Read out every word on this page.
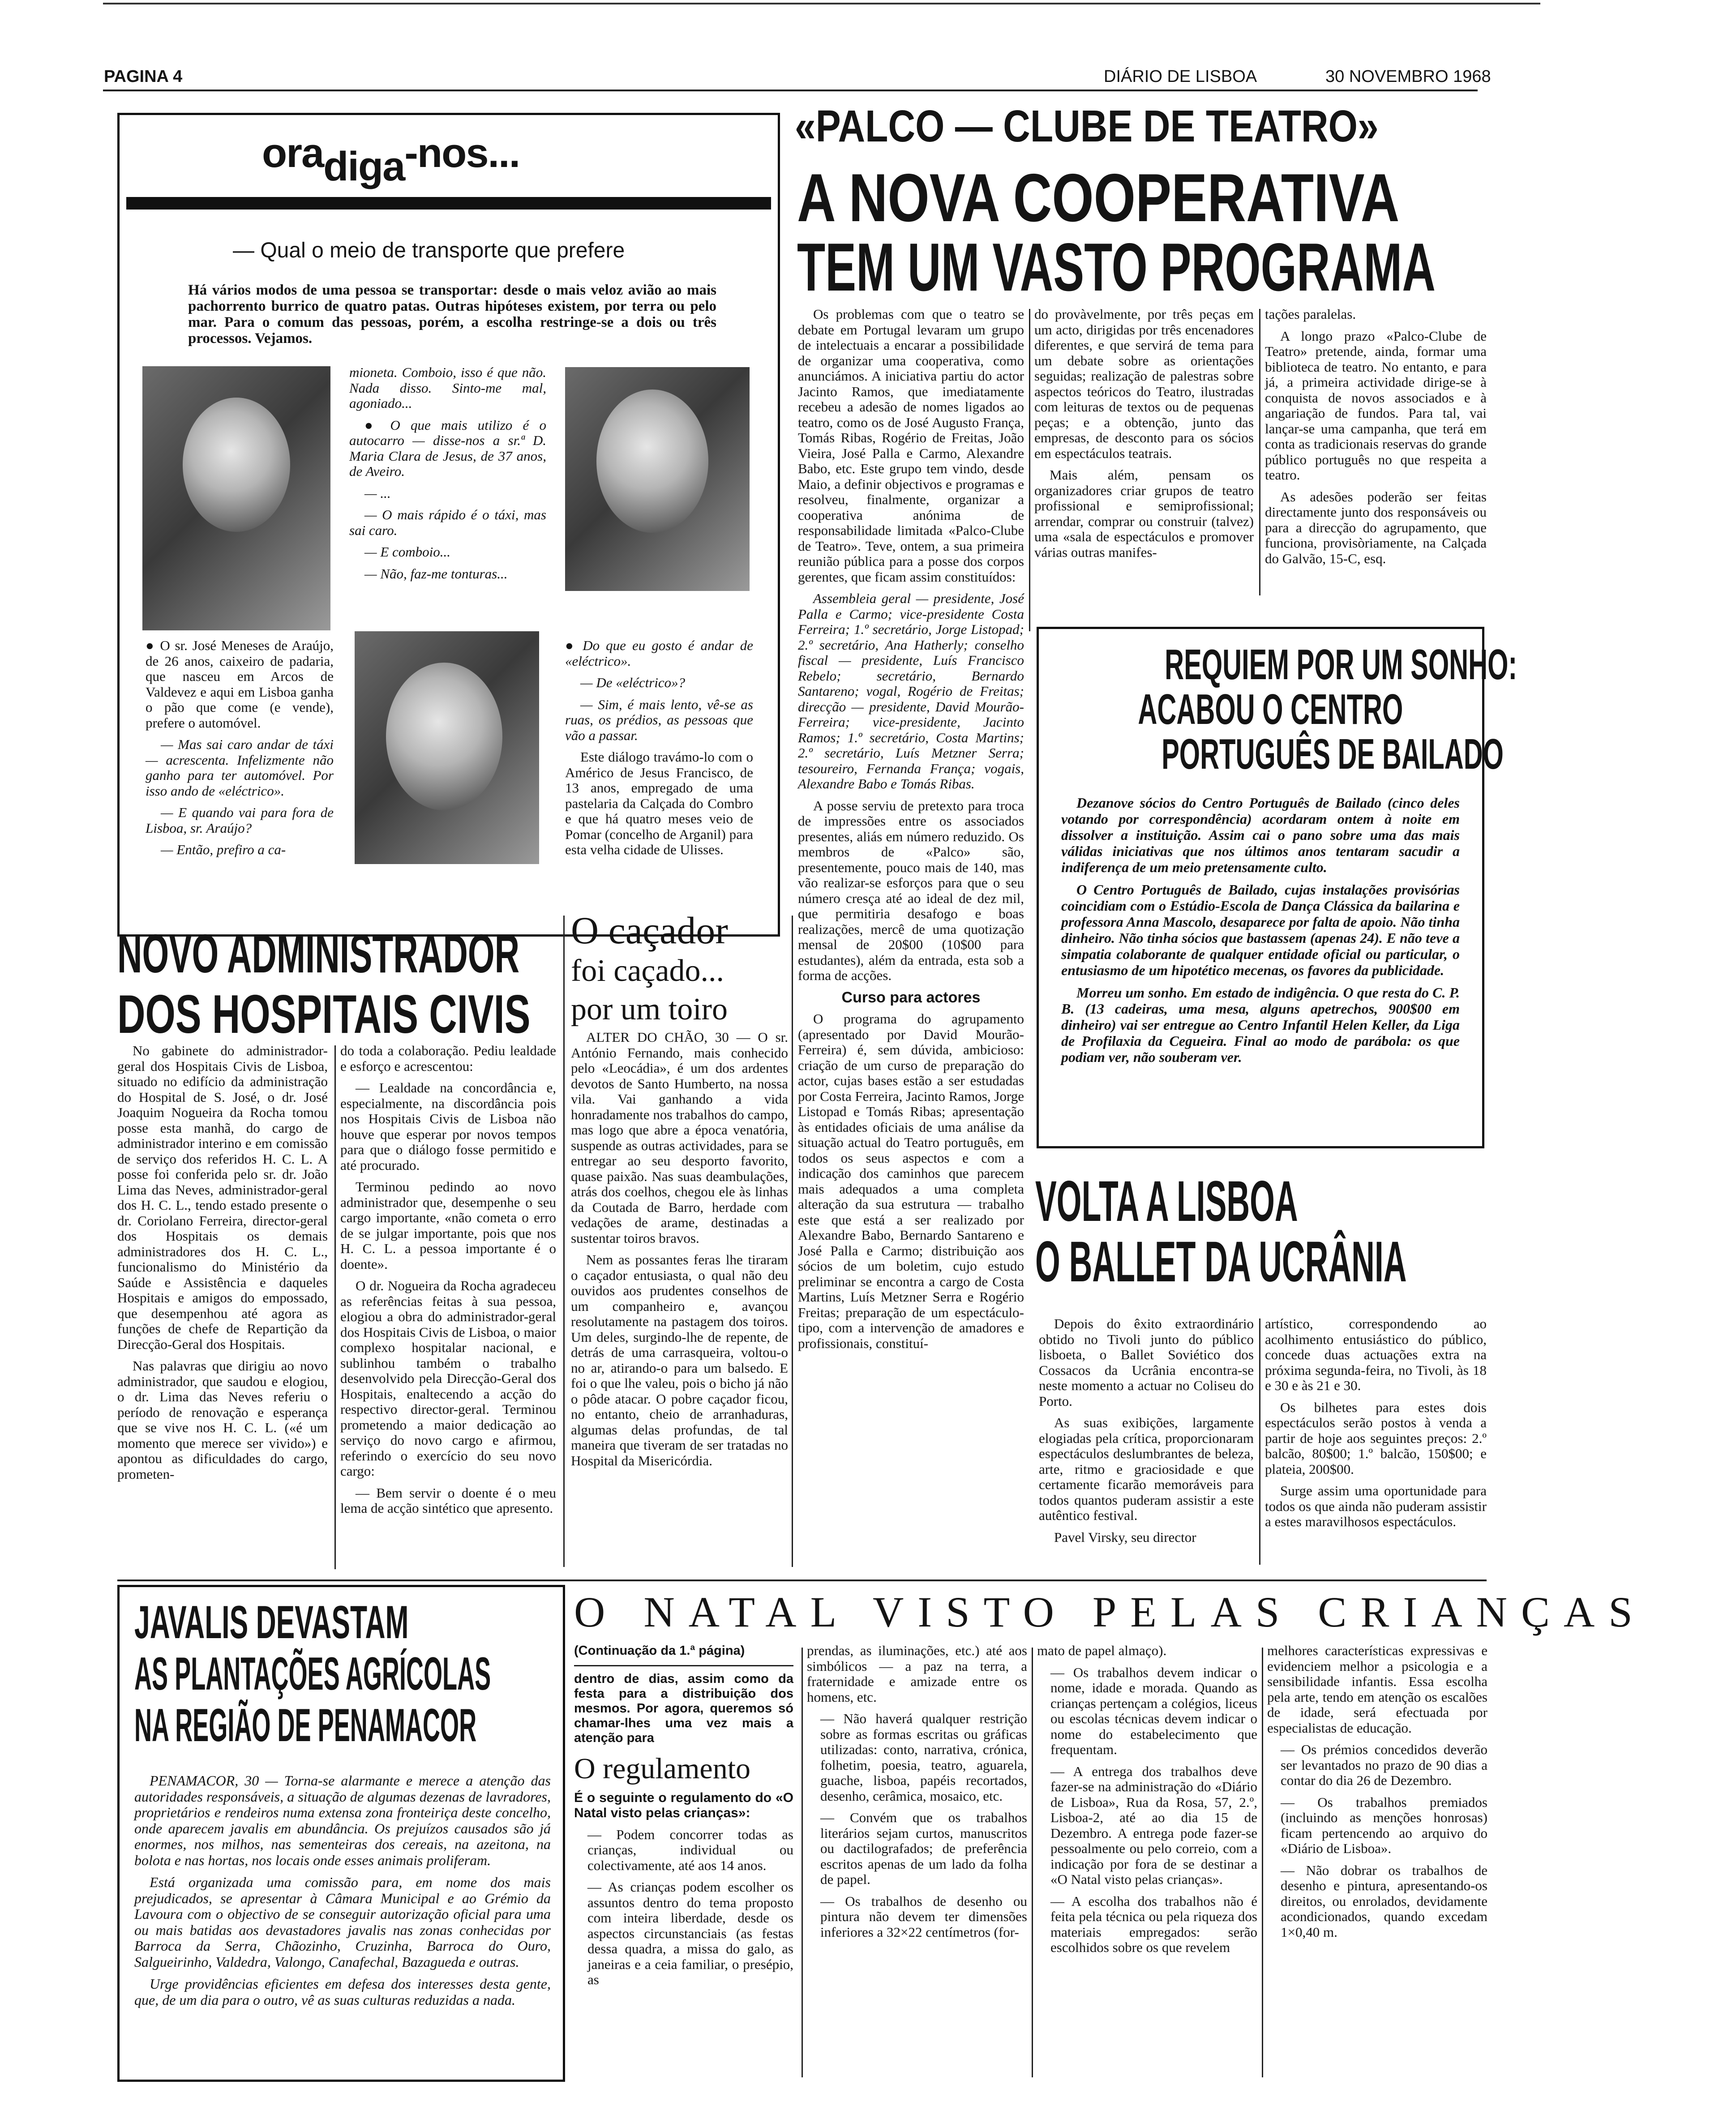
PAGINA 4	DIÁRIO DE LISBOA	30 NOVEMBRO 1968
oradiga-nos...
— Qual o meio de transporte que prefere
Há vários modos de uma pessoa se transportar: desde o mais veloz avião ao mais pachorrento burrico de quatro patas. Outras hipóteses existem, por terra ou pelo mar. Para o comum das pessoas, porém, a escolha restringe-se a dois ou três processos. Vejamos.

mioneta. Comboio, isso é que não. Nada disso. Sinto-me mal, agoniado...

● O que mais utilizo é o autocarro — disse-nos a sr.ª D. Maria Clara de Jesus, de 37 anos, de Aveiro.

— ...

— O mais rápido é o táxi, mas sai caro.

— E comboio...

— Não, faz-me tonturas...

● O sr. José Meneses de Araújo, de 26 anos, caixeiro de padaria, que nasceu em Arcos de Valdevez e aqui em Lisboa ganha o pão que come (e vende), prefere o automóvel.

— Mas sai caro andar de táxi — acrescenta. Infelizmente não ganho para ter automóvel. Por isso ando de «eléctrico».

— E quando vai para fora de Lisboa, sr. Araújo?

— Então, prefiro a ca-

● Do que eu gosto é andar de «eléctrico».

— De «eléctrico»?

— Sim, é mais lento, vê-se as ruas, os prédios, as pessoas que vão a passar.

Este diálogo travámo-lo com o Américo de Jesus Francisco, de 13 anos, empregado de uma pastelaria da Calçada do Combro e que há quatro meses veio de Pomar (concelho de Arganil) para esta velha cidade de Ulisses.

«PALCO — CLUBE DE TEATRO»
A NOVA COOPERATIVA
TEM UM VASTO PROGRAMA

Os problemas com que o teatro se debate em Portugal levaram um grupo de intelectuais a encarar a possibilidade de organizar uma cooperativa, como anunciámos. A iniciativa partiu do actor Jacinto Ramos, que imediatamente recebeu a adesão de nomes ligados ao teatro, como os de José Augusto França, Tomás Ribas, Rogério de Freitas, João Vieira, José Palla e Carmo, Alexandre Babo, etc. Este grupo tem vindo, desde Maio, a definir objectivos e programas e resolveu, finalmente, organizar a cooperativa anónima de responsabilidade limitada «Palco-Clube de Teatro». Teve, ontem, a sua primeira reunião pública para a posse dos corpos gerentes, que ficam assim constituídos:

Assembleia geral — presidente, José Palla e Carmo; vice-presidente Costa Ferreira; 1.º secretário, Jorge Listopad; 2.º secretário, Ana Hatherly; conselho fiscal — presidente, Luís Francisco Rebelo; secretário, Bernardo Santareno; vogal, Rogério de Freitas; direcção — presidente, David Mourão-Ferreira; vice-presidente, Jacinto Ramos; 1.º secretário, Costa Martins; 2.º secretário, Luís Metzner Serra; tesoureiro, Fernanda França; vogais, Alexandre Babo e Tomás Ribas.

A posse serviu de pretexto para troca de impressões entre os associados presentes, aliás em número reduzido. Os membros de «Palco» são, presentemente, pouco mais de 140, mas vão realizar-se esforços para que o seu número cresça até ao ideal de dez mil, que permitiria desafogo e boas realizações, mercê de uma quotização mensal de 20$00 (10$00 para estudantes), além da entrada, esta sob a forma de acções.

Curso para actores

O programa do agrupamento (apresentado por David Mourão-Ferreira) é, sem dúvida, ambicioso: criação de um curso de preparação do actor, cujas bases estão a ser estudadas por Costa Ferreira, Jacinto Ramos, Jorge Listopad e Tomás Ribas; apresentação às entidades oficiais de uma análise da situação actual do Teatro português, em todos os seus aspectos e com a indicação dos caminhos que parecem mais adequados a uma completa alteração da sua estrutura — trabalho este que está a ser realizado por Alexandre Babo, Bernardo Santareno e José Palla e Carmo; distribuição aos sócios de um boletim, cujo estudo preliminar se encontra a cargo de Costa Martins, Luís Metzner Serra e Rogério Freitas; preparação de um espectáculo-tipo, com a intervenção de amadores e profissionais, constituí-

do provàvelmente, por três peças em um acto, dirigidas por três encenadores diferentes, e que servirá de tema para um debate sobre as orientações seguidas; realização de palestras sobre aspectos teóricos do Teatro, ilustradas com leituras de textos ou de pequenas peças; e a obtenção, junto das empresas, de desconto para os sócios em espectáculos teatrais.

Mais além, pensam os organizadores criar grupos de teatro profissional e semiprofissional; arrendar, comprar ou construir (talvez) uma «sala de espectáculos e promover várias outras manifes-

tações paralelas.

A longo prazo «Palco-Clube de Teatro» pretende, ainda, formar uma biblioteca de teatro. No entanto, e para já, a primeira actividade dirige-se à conquista de novos associados e à angariação de fundos. Para tal, vai lançar-se uma campanha, que terá em conta as tradicionais reservas do grande público português no que respeita a teatro.

As adesões poderão ser feitas directamente junto dos responsáveis ou para a direcção do agrupamento, que funciona, provisòriamente, na Calçada do Galvão, 15-C, esq.

REQUIEM POR UM SONHO:
ACABOU O CENTRO
PORTUGUÊS DE BAILADO

Dezanove sócios do Centro Português de Bailado (cinco deles votando por correspondência) acordaram ontem à noite em dissolver a instituição. Assim cai o pano sobre uma das mais válidas iniciativas que nos últimos anos tentaram sacudir a indiferença de um meio pretensamente culto.

O Centro Português de Bailado, cujas instalações provisórias coincidiam com o Estúdio-Escola de Dança Clássica da bailarina e professora Anna Mascolo, desaparece por falta de apoio. Não tinha dinheiro. Não tinha sócios que bastassem (apenas 24). E não teve a simpatia colaborante de qualquer entidade oficial ou particular, o entusiasmo de um hipotético mecenas, os favores da publicidade.

Morreu um sonho. Em estado de indigência. O que resta do C. P. B. (13 cadeiras, uma mesa, alguns apetrechos, 900$00 em dinheiro) vai ser entregue ao Centro Infantil Helen Keller, da Liga de Profilaxia da Cegueira. Final ao modo de parábola: os que podiam ver, não souberam ver.

VOLTA A LISBOA
O BALLET DA UCRÂNIA

Depois do êxito extraordinário obtido no Tivoli junto do público lisboeta, o Ballet Soviético dos Cossacos da Ucrânia encontra-se neste momento a actuar no Coliseu do Porto.

As suas exibições, largamente elogiadas pela crítica, proporcionaram espectáculos deslumbrantes de beleza, arte, ritmo e graciosidade e que certamente ficarão memoráveis para todos quantos puderam assistir a este autêntico festival.

Pavel Virsky, seu director

artístico, correspondendo ao acolhimento entusiástico do público, concede duas actuações extra na próxima segunda-feira, no Tivoli, às 18 e 30 e às 21 e 30.

Os bilhetes para estes dois espectáculos serão postos à venda a partir de hoje aos seguintes preços: 2.º balcão, 80$00; 1.º balcão, 150$00; e plateia, 200$00.

Surge assim uma oportunidade para todos os que ainda não puderam assistir a estes maravilhosos espectáculos.

NOVO ADMINISTRADOR
DOS HOSPITAIS CIVIS

No gabinete do administrador-geral dos Hospitais Civis de Lisboa, situado no edifício da administração do Hospital de S. José, o dr. José Joaquim Nogueira da Rocha tomou posse esta manhã, do cargo de administrador interino e em comissão de serviço dos referidos H. C. L. A posse foi conferida pelo sr. dr. João Lima das Neves, administrador-geral dos H. C. L., tendo estado presente o dr. Coriolano Ferreira, director-geral dos Hospitais os demais administradores dos H. C. L., funcionalismo do Ministério da Saúde e Assistência e daqueles Hospitais e amigos do empossado, que desempenhou até agora as funções de chefe de Repartição da Direcção-Geral dos Hospitais.

Nas palavras que dirigiu ao novo administrador, que saudou e elogiou, o dr. Lima das Neves referiu o período de renovação e esperança que se vive nos H. C. L. («é um momento que merece ser vivido») e apontou as dificuldades do cargo, prometen-

do toda a colaboração. Pediu lealdade e esforço e acrescentou:

— Lealdade na concordância e, especialmente, na discordância pois nos Hospitais Civis de Lisboa não houve que esperar por novos tempos para que o diálogo fosse permitido e até procurado.

Terminou pedindo ao novo administrador que, desempenhe o seu cargo importante, «não cometa o erro de se julgar importante, pois que nos H. C. L. a pessoa importante é o doente».

O dr. Nogueira da Rocha agradeceu as referências feitas à sua pessoa, elogiou a obra do administrador-geral dos Hospitais Civis de Lisboa, o maior complexo hospitalar nacional, e sublinhou também o trabalho desenvolvido pela Direcção-Geral dos Hospitais, enaltecendo a acção do respectivo director-geral. Terminou prometendo a maior dedicação ao serviço do novo cargo e afirmou, referindo o exercício do seu novo cargo:

— Bem servir o doente é o meu lema de acção sintético que apresento.

O caçador
foi caçado...
por um toiro

ALTER DO CHÃO, 30 — O sr. António Fernando, mais conhecido pelo «Leocádia», é um dos ardentes devotos de Santo Humberto, na nossa vila. Vai ganhando a vida honradamente nos trabalhos do campo, mas logo que abre a época venatória, suspende as outras actividades, para se entregar ao seu desporto favorito, quase paixão. Nas suas deambulações, atrás dos coelhos, chegou ele às linhas da Coutada de Barro, herdade com vedações de arame, destinadas a sustentar toiros bravos.

Nem as possantes feras lhe tiraram o caçador entusiasta, o qual não deu ouvidos aos prudentes conselhos de um companheiro e, avançou resolutamente na pastagem dos toiros. Um deles, surgindo-lhe de repente, de detrás de uma carrasqueira, voltou-o no ar, atirando-o para um balsedo. E foi o que lhe valeu, pois o bicho já não o pôde atacar. O pobre caçador ficou, no entanto, cheio de arranhaduras, algumas delas profundas, de tal maneira que tiveram de ser tratadas no Hospital da Misericórdia.

JAVALIS DEVASTAM
AS PLANTAÇÕES AGRÍCOLAS
NA REGIÃO DE PENAMACOR

PENAMACOR, 30 — Torna-se alarmante e merece a atenção das autoridades responsáveis, a situação de algumas dezenas de lavradores, proprietários e rendeiros numa extensa zona fronteiriça deste concelho, onde aparecem javalis em abundância. Os prejuízos causados são já enormes, nos milhos, nas sementeiras dos cereais, na azeitona, na bolota e nas hortas, nos locais onde esses animais proliferam.

Está organizada uma comissão para, em nome dos mais prejudicados, se apresentar à Câmara Municipal e ao Grémio da Lavoura com o objectivo de se conseguir autorização oficial para uma ou mais batidas aos devastadores javalis nas zonas conhecidas por Barroca da Serra, Chãozinho, Cruzinha, Barroca do Ouro, Salgueirinho, Valdedra, Valongo, Canafechal, Bazagueda e outras.

Urge providências eficientes em defesa dos interesses desta gente, que, de um dia para o outro, vê as suas culturas reduzidas a nada.

O NATAL VISTO PELAS CRIANÇAS

(Continuação da 1.ª página)

dentro de dias, assim como da festa para a distribuição dos mesmos. Por agora, queremos só chamar-lhes uma vez mais a atenção para

O regulamento

É o seguinte o regulamento do «O Natal visto pelas crianças»:

— Podem concorrer todas as crianças, individual ou colectivamente, até aos 14 anos.

— As crianças podem escolher os assuntos dentro do tema proposto com inteira liberdade, desde os aspectos circunstanciais (as festas dessa quadra, a missa do galo, as janeiras e a ceia familiar, o presépio, as

prendas, as iluminações, etc.) até aos simbólicos — a paz na terra, a fraternidade e amizade entre os homens, etc.

— Não haverá qualquer restrição sobre as formas escritas ou gráficas utilizadas: conto, narrativa, crónica, folhetim, poesia, teatro, aguarela, guache, lisboa, papéis recortados, desenho, cerâmica, mosaico, etc.

— Convém que os trabalhos literários sejam curtos, manuscritos ou dactilografados; de preferência escritos apenas de um lado da folha de papel.

— Os trabalhos de desenho ou pintura não devem ter dimensões inferiores a 32×22 centímetros (for-

mato de papel almaço).

— Os trabalhos devem indicar o nome, idade e morada. Quando as crianças pertençam a colégios, liceus ou escolas técnicas devem indicar o nome do estabelecimento que frequentam.

— A entrega dos trabalhos deve fazer-se na administração do «Diário de Lisboa», Rua da Rosa, 57, 2.º, Lisboa-2, até ao dia 15 de Dezembro. A entrega pode fazer-se pessoalmente ou pelo correio, com a indicação por fora de se destinar a «O Natal visto pelas crianças».

— A escolha dos trabalhos não é feita pela técnica ou pela riqueza dos materiais empregados: serão escolhidos sobre os que revelem

melhores características expressivas e evidenciem melhor a psicologia e a sensibilidade infantis. Essa escolha pela arte, tendo em atenção os escalões de idade, será efectuada por especialistas de educação.

— Os prémios concedidos deverão ser levantados no prazo de 90 dias a contar do dia 26 de Dezembro.

— Os trabalhos premiados (incluindo as menções honrosas) ficam pertencendo ao arquivo do «Diário de Lisboa».

— Não dobrar os trabalhos de desenho e pintura, apresentando-os direitos, ou enrolados, devidamente acondicionados, quando excedam 1×0,40 m.
